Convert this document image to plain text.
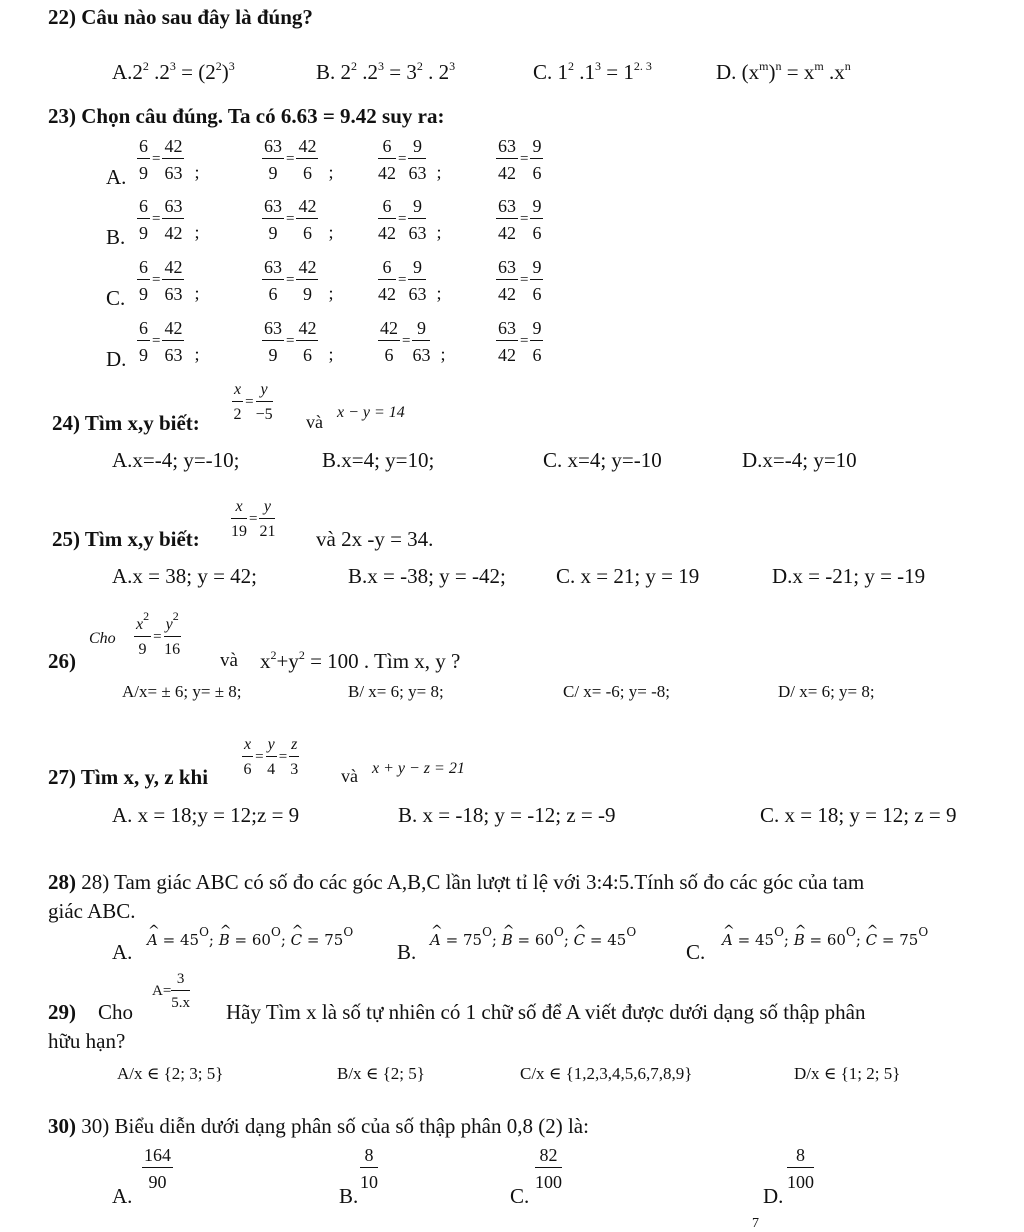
22) Câu nào sau đây là đúng?
$A.2^2$ $.2^3 = (2^2)^3$	B. $2^2$ $.2^3 = 3^2$ . $2^3$	C. $1^2$ $.1^3 = 1^{2. 3}$	D. $(x^m)^n = x^m$ $.x^n$
23) Chọn câu đúng. Ta có 6.63 = 9.42 suy ra:
A. $\frac{6}{9} = \frac{42}{63}$ ;	$\frac{63}{9} = \frac{42}{6}$ ; $\frac{6}{42} = \frac{9}{63}$ ;	$\frac{63}{42} = \frac{9}{6}$
B. $\frac{6}{9} = \frac{63}{42}$ ;	$\frac{63}{9} = \frac{42}{6}$ ; $\frac{6}{42} = \frac{9}{63}$ ;	$\frac{63}{42} = \frac{9}{6}$
C. $\frac{6}{9} = \frac{42}{63}$ ;	$\frac{63}{6} = \frac{42}{9}$ ; $\frac{6}{42} = \frac{9}{63}$ ;	$\frac{63}{42} = \frac{9}{6}$
D. $\frac{6}{9} = \frac{42}{63}$ ;	$\frac{63}{9} = \frac{42}{6}$ ; $\frac{42}{6} = \frac{9}{63}$ ;	$\frac{63}{42} = \frac{9}{6}$
24) Tìm x,y biết: $\frac{x}{2} = \frac{y}{-5}$ và x − y = 14
A.x=-4; y=-10;	B.x=4; y=10;	C. x=4; y=-10	D.x=-4; y=10
25) Tìm x,y biết: $\frac{x}{19} = \frac{y}{21}$ và 2x -y = 34.
A.x = 38; y = 42;	B.x = -38; y = -42; C. x = 21; y = 19	D.x = -21; y = -19
26)
Cho $\frac{x^2}{9} = \frac{y^2}{16}$
và $x^2+y^2 = 100$ . Tìm x, y ?
A/x= ± 6; y= ± 8;	B/ x= 6; y= 8;	C/ x= -6; y= -8;	D/ x= 6; y= 8;
27) Tìm x, y, z khi $\frac{x}{6} = \frac{y}{4} = \frac{z}{3}$ và x + y − z = 21
A. x = 18;y = 12;z = 9	B. x = -18; y = -12; z = -9	C. x = 18; y = 12; z = 9
28) 28) Tam giác ABC có số đo các góc A,B,C lần lượt tỉ lệ với 3:4:5.Tính số đo các góc của tam
giác ABC.
A. ^ $A = 45^O$; ^ $B = 60^O$; ^ $C = 75^O$
B. ^ $A = 75^O$; ^ $B = 60^O$; ^ $C = 45^O$
C. ^ $A = 45^O$; ^ $B = 60^O$; ^ $C = 75^O$
29) Cho
$A= \frac{3}{5.x}$
Hãy Tìm x là số tự nhiên có 1 chữ số để A viết được dưới dạng số thập phân
hữu hạn?
A/x ∈ {2; 3; 5}	B/x ∈ {2; 5}	C/x ∈ {1,2,3,4,5,6,7,8,9}	D/x ∈ {1; 2; 5}
30) 30) Biểu diễn dưới dạng phân số của số thập phân 0,8 (2) là:
A.
$\frac{164}{90}$
B.
$\frac{8}{10}$
C.
$\frac{82}{100}$
D.
$\frac{8}{100}$
7
